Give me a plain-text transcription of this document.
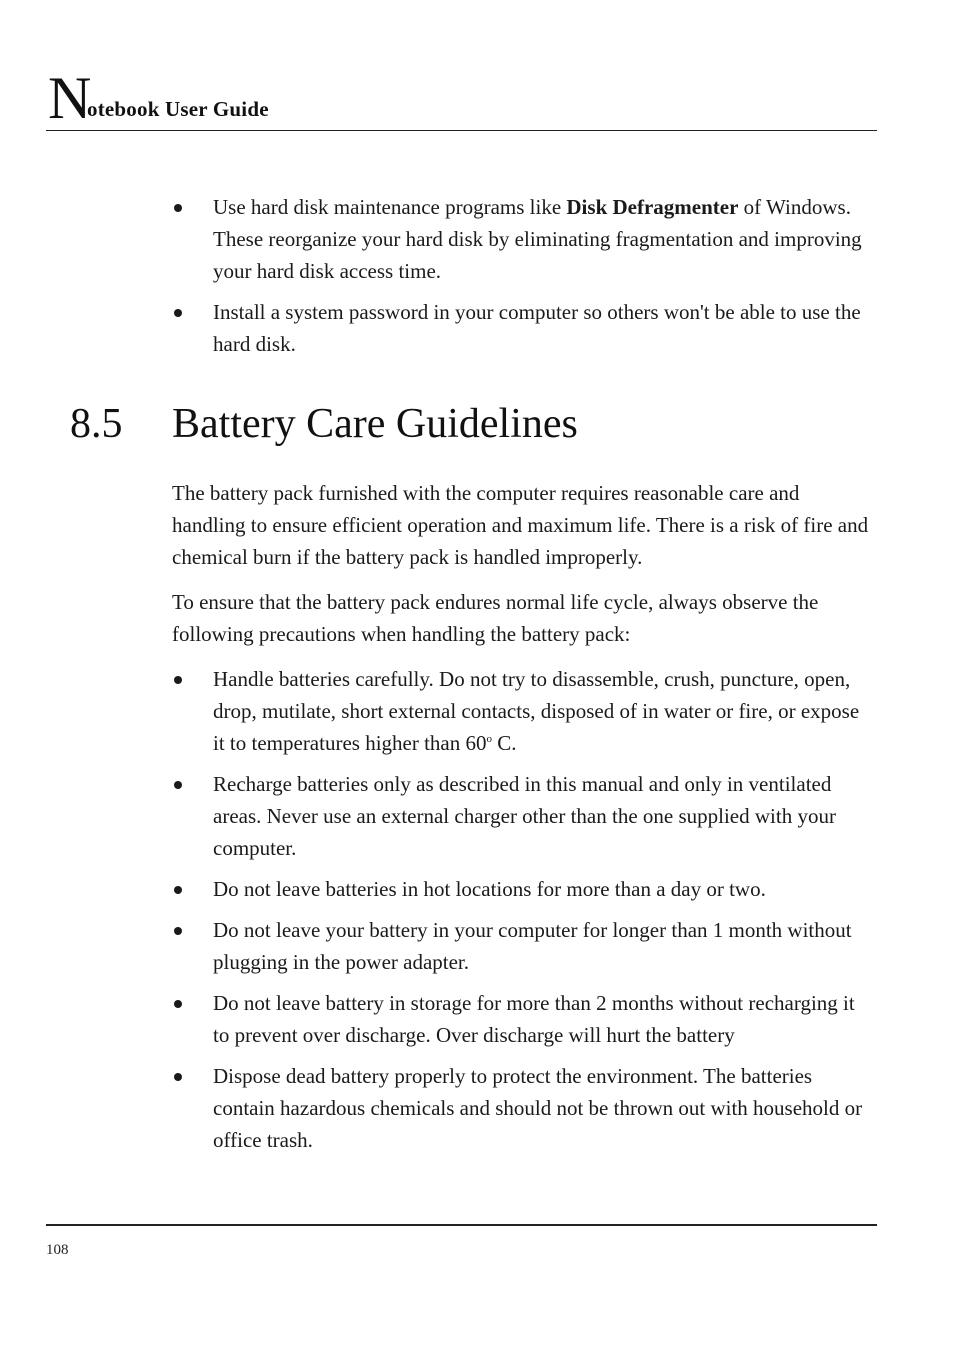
N
otebook User Guide
Use hard disk maintenance programs like Disk Defragmenter of Windows. These reorganize your hard disk by eliminating fragmentation and improving your hard disk access time.
Install a system password in your computer so others won't be able to use the hard disk.
8.5 Battery Care Guidelines

The battery pack furnished with the computer requires reasonable care and handling to ensure efficient operation and maximum life. There is a risk of fire and chemical burn if the battery pack is handled improperly.

To ensure that the battery pack endures normal life cycle, always observe the following precautions when handling the battery pack:

Handle batteries carefully. Do not try to disassemble, crush, puncture, open, drop, mutilate, short external contacts, disposed of in water or fire, or expose it to temperatures higher than 60$^o$ C.
Recharge batteries only as described in this manual and only in ventilated areas. Never use an external charger other than the one supplied with your computer.
Do not leave batteries in hot locations for more than a day or two.
Do not leave your battery in your computer for longer than 1 month without plugging in the power adapter.
Do not leave battery in storage for more than 2 months without recharging it to prevent over discharge. Over discharge will hurt the battery
Dispose dead battery properly to protect the environment. The batteries contain hazardous chemicals and should not be thrown out with household or office trash.
108
